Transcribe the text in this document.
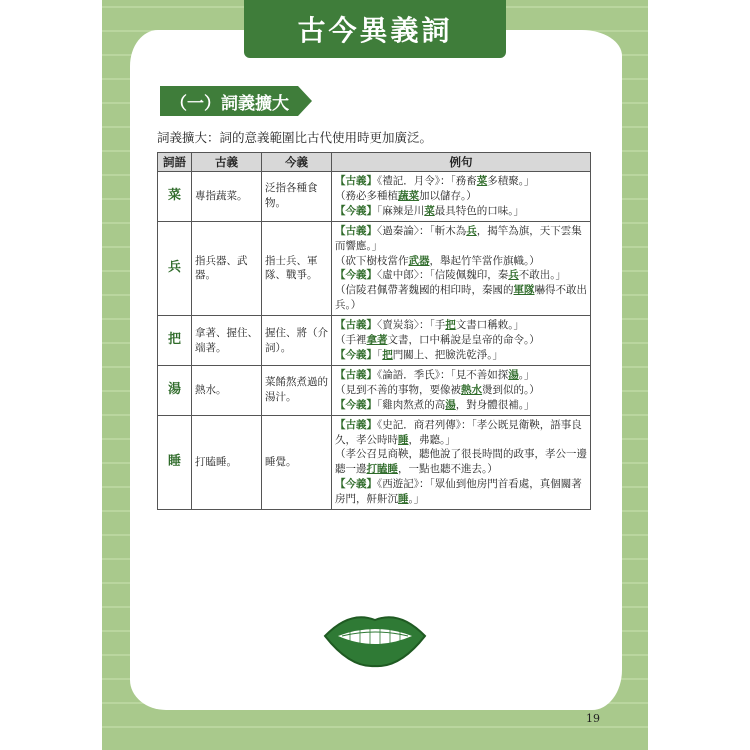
古今異義詞
（一）詞義擴大
詞義擴大：詞的意義範圍比古代使用時更加廣泛。
詞語	古義	今義	例句
菜	專指蔬菜。	泛指各種食物。	【古義】《禮記．月令》：「務畜菜多積聚。」
（務必多種植蔬菜加以儲存。）
【今義】「麻辣是川菜最具特色的口味。」

兵	指兵器、武器。	指士兵、軍隊、戰爭。	【古義】〈過秦論〉：「斬木為兵，揭竿為旗，天下雲集而響應。」
（砍下樹枝當作武器，舉起竹竿當作旗幟。）
【今義】〈虛中郎〉：「信陵佩魏印，秦兵不敢出。」
（信陵君佩帶著魏國的相印時，秦國的軍隊嚇得不敢出兵。）

把	拿著、握住、端著。	握住、將（介詞）。	【古義】〈賣炭翁〉：「手把文書口稱敕。」
（手裡拿著文書，口中稱說是皇帝的命令。）
【今義】「把門關上、把臉洗乾淨。」

湯	熱水。	菜餚熬煮過的湯汁。	【古義】《論語．季氏》：「見不善如探湯。」
（見到不善的事物，要像被熱水燙到似的。）
【今義】「雞肉熬煮的高湯，對身體很補。」

睡	打瞌睡。	睡覺。	【古義】《史記．商君列傳》：「孝公既見衛鞅，語事良久，孝公時時睡，弗聽。」
（孝公召見商鞅，聽他說了很長時間的政事，孝公一邊聽一邊打瞌睡，一點也聽不進去。）
【今義】《西遊記》：「眾仙到他房門首看處，真個關著房門，鼾鼾沉睡。」
19
